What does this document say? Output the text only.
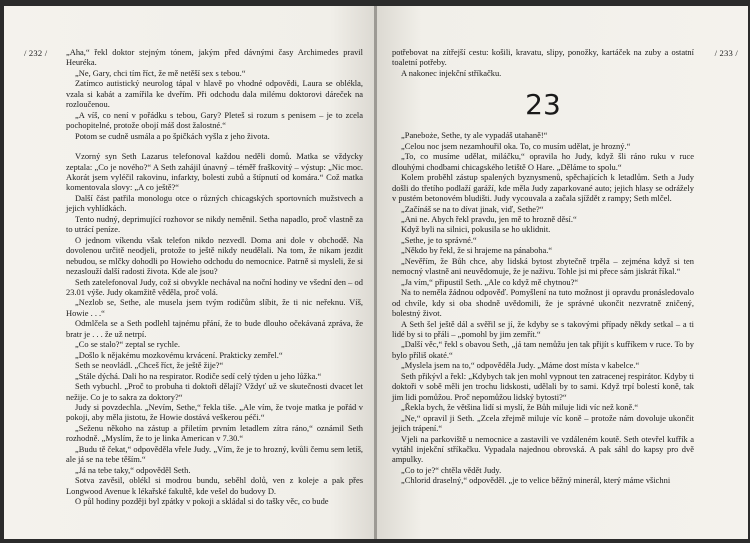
/ 232 / „Aha,“ řekl doktor stejným tónem, jakým před dávnými časy Archimedes pravil Heuréka.

„Ne, Gary, chci tím říct, že mě netěší sex s tebou.“

Zatímco autistický neurolog tápal v hlavě po vhodné odpovědi, Laura se oblékla, vzala si kabát a zamířila ke dveřím. Při odchodu dala milému doktorovi dáreček na rozloučenou.

„A víš, co není v pořádku s tebou, Gary? Pleteš si rozum s penisem – je to zcela pochopitelné, protože obojí máš dost žalostné.“

Potom se cudně usmála a po špičkách vyšla z jeho života.

Vzorný syn Seth Lazarus telefonoval každou neděli domů. Matka se vždycky zeptala: „Co je nového?“ A Seth zahájil únavný – téměř fraškovitý – výstup: „Nic moc. Akorát jsem vyléčil rakovinu, infarkty, bolesti zubů a štípnutí od komára.“ Což matka komentovala slovy: „A co ještě?“

Další část patřila monologu otce o různých chicagských sportovních mužstvech a jejich vyhlídkách.

Tento nudný, deprimující rozhovor se nikdy neměnil. Setha napadlo, proč vlastně za to utrácí peníze.

O jednom víkendu však telefon nikdo nezvedl. Doma ani dole v obchodě. Na dovolenou určitě neodjeli, protože to ještě nikdy neudělali. Na tom, že nikam jezdit nebudou, se mlčky dohodli po Howieho odchodu do nemocnice. Patrně si mysleli, že si nezaslouží další radosti života. Kde ale jsou?

Seth zatelefonoval Judy, což si obvykle nechával na noční hodiny ve všední den – od 23.01 výše. Judy okamžitě věděla, proč volá.

„Nezlob se, Sethe, ale musela jsem tvým rodičům slíbit, že ti nic neřeknu. Víš, Howie . . .“

Odmlčela se a Seth podlehl tajnému přání, že to bude dlouho očekávaná zpráva, že bratr je . . . že už netrpí.

„Co se stalo?“ zeptal se rychle.

„Došlo k nějakému mozkovému krvácení. Prakticky zemřel.“

Seth se neovládl. „Chceš říct, že ještě žije?“

„Stále dýchá. Dali ho na respirator. Rodiče sedí celý týden u jeho lůžka.“

Seth vybuchl. „Proč to probuha ti doktoři dělají? Vždyť už ve skutečnosti dvacet let nežije. Co je to sakra za doktory?“

Judy si povzdechla. „Nevím, Sethe,“ řekla tiše. „Ale vím, že tvoje matka je pořád v pokoji, aby měla jistotu, že Howie dostává veškerou péči.“

„Seženu někoho na zástup a přiletím prvním letadlem zítra ráno,“ oznámil Seth rozhodně. „Myslím, že to je linka American v 7.30.“

„Budu tě čekat,“ odpověděla vřele Judy. „Vím, že je to hrozný, kvůli čemu sem letíš, ale já se na tebe těším.“

„Já na tebe taky,“ odpověděl Seth.

Sotva zavěsil, oblékl si modrou bundu, seběhl dolů, ven z koleje a pak přes Longwood Avenue k lékařské fakultě, kde vešel do budovy D.

O půl hodiny později byl zpátky v pokoji a skládal si do tašky věc, co bude

/ 233 /

potřebovat na zítřejší cestu: košili, kravatu, slipy, ponožky, kartáček na zuby a ostatní toaletní potřeby.

A nakonec injekční stříkačku.

23

„Paneboże, Sethe, ty ale vypadáš utahaně!“

„Celou noc jsem nezamhouřil oka. To, co musím udělat, je hrozný.“

„To, co musíme udělat, miláčku,“ opravila ho Judy, když šli ráno ruku v ruce dlouhými chodbami chicagského letiště O Hare. „Děláme to spolu.“

Kolem proběhl zástup spalených byznysmenů, spěchajících k letadlům. Seth a Judy došli do třetího podlaží garáží, kde měla Judy zaparkované auto; jejich hlasy se odrážely v pustém betonovém bludišti. Judy vycouvala a začala sjíždět z rampy; Seth mlčel.

„Začínáš se na to dívat jinak, viď, Sethe?“

„Ani ne. Abych řekl pravdu, jen mě to hrozně děsí.“

Když byli na silnici, pokusila se ho uklidnit.

„Sethe, je to správné.“

„Někdo by řekl, že si hrajeme na pánaboha.“

„Nevěřím, že Bůh chce, aby lidská bytost zbytečně trpěla – zejména když si ten nemocný vlastně ani neuvědomuje, že je naživu. Tohle jsi mi přece sám jiskrát říkal.“

„Ja vím,“ připustil Seth. „Ale co když mě chytnou?“

Na to neměla žádnou odpověď. Pomyšlení na tuto možnost ji opravdu pronásledovalo od chvíle, kdy si oba shodně uvědomili, že je správné ukončit nezvratně zničený, bolestný život.

A Seth šel ještě dál a svěřil se jí, že kdyby se s takovými případy někdy setkal – a ti lidé by si to přáli – „pomohl by jim zemřít.“

„Další věc,“ řekl s obavou Seth, „já tam nemůžu jen tak přijít s kufříkem v ruce. To by bylo příliš okaté.“

„Myslela jsem na to,“ odpověděla Judy. „Máme dost místa v kabelce.“

Seth přikývl a řekl: „Kdybych tak jen mohl vypnout ten zatracenej respirátor. Kdyby ti doktoři v sobě měli jen trochu lidskosti, udělali by to sami. Když trpí bolestí koně, tak jim lidi pomůžou. Proč nepomůžou lidský bytosti?“

„Řekla bych, že většina lidí si myslí, že Bůh miluje lidi víc než koně.“

„Ne,“ opravil ji Seth. „Zcela zřejmě miluje víc koně – protože nám dovoluje ukončit jejich trápení.“

Vjeli na parkoviště u nemocnice a zastavili ve vzdáleném koutě. Seth otevřel kufřík a vytáhl injekční stříkačku. Vypadala najednou obrovská. A pak sáhl do kapsy pro dvě ampulky.

„Co to je?“ chtěla vědět Judy.

„Chlorid draselný,“ odpověděl. „je to velice běžný minerál, který máme všichni
